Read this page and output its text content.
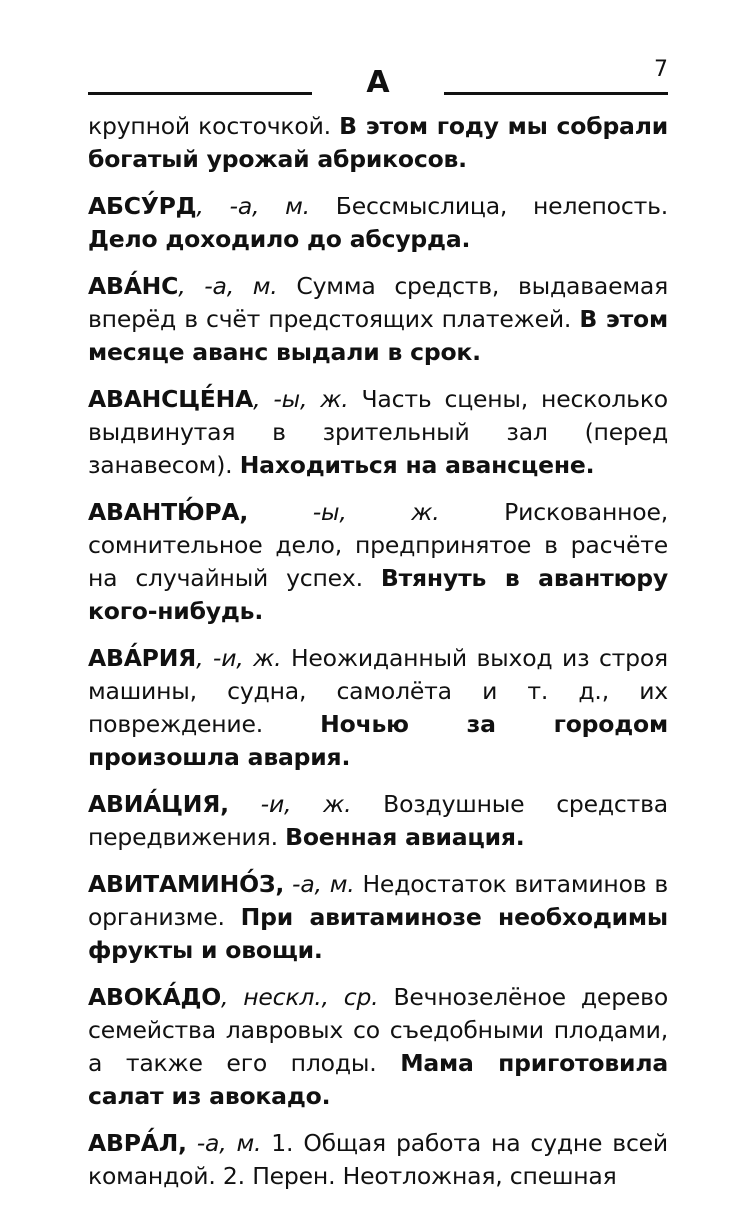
А	7

крупной косточкой. В этом году мы собрали богатый урожай абрикосов.

АБСУ́РД, -а, м. Бессмыслица, нелепость. Дело доходило до абсурда.

АВА́НС, -а, м. Сумма средств, выдаваемая вперёд в счёт предстоящих платежей. В этом месяце аванс выдали в срок.

АВАНСЦЕ́НА, -ы, ж. Часть сцены, несколько выдвинутая в зрительный зал (перед занавесом). Находиться на авансцене.

АВАНТЮ́РА, -ы, ж. Рискованное, сомнительное дело, предпринятое в расчёте на случайный успех. Втянуть в авантюру кого-нибудь.

АВА́РИЯ, -и, ж. Неожиданный выход из строя машины, судна, самолёта и т. д., их повреждение. Ночью за городом произошла авария.

АВИА́ЦИЯ, -и, ж. Воздушные средства передвижения. Военная авиация.

АВИТАМИНО́З, -а, м. Недостаток витаминов в организме. При авитаминозе необходимы фрукты и овощи.

АВОКА́ДО, нескл., ср. Вечнозелёное дерево семейства лавровых со съедобными плодами, а также его плоды. Мама приготовила салат из авокадо.

АВРА́Л, -а, м. 1. Общая работа на судне всей командой. 2. Перен. Неотложная, спешная
